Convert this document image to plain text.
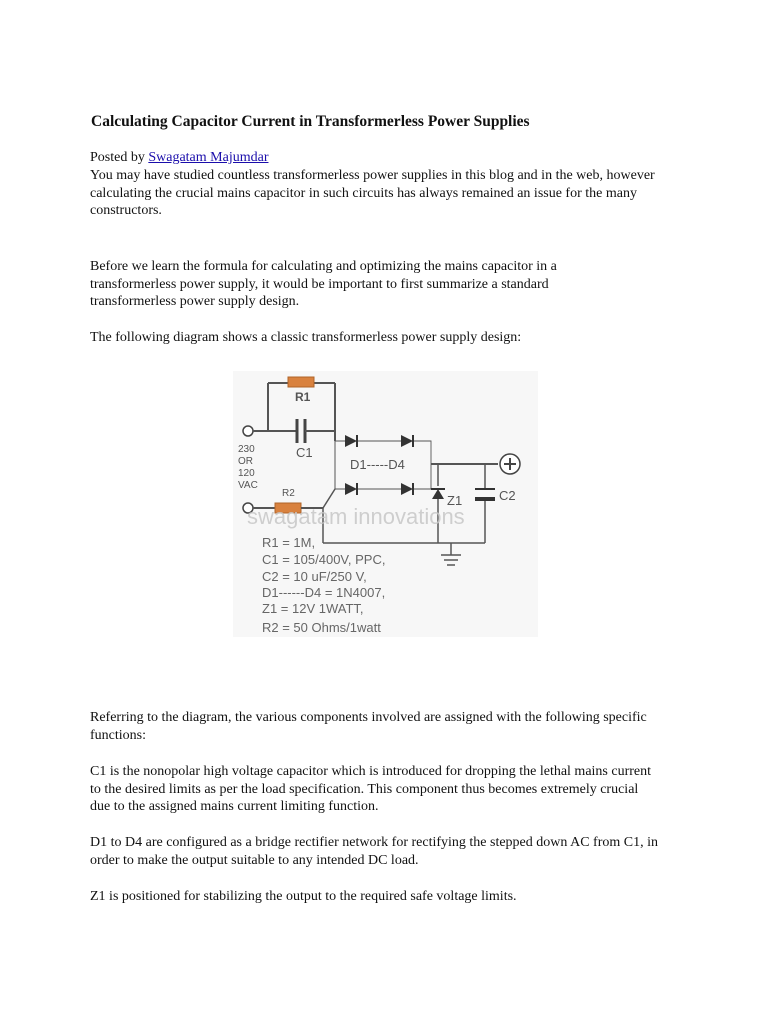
Calculating Capacitor Current in Transformerless Power Supplies

Posted by Swagatam Majumdar

You may have studied countless transformerless power supplies in this blog and in the web, however calculating the crucial mains capacitor in such circuits has always remained an issue for the many constructors.

Before we learn the formula for calculating and optimizing the mains capacitor in a transformerless power supply, it would be important to first summarize a standard transformerless power supply design.

The following diagram shows a classic transformerless power supply design:

R1
C1
230
OR
120
VAC
D1-----D4
Z1	C2
R2
swagatam innovations
R1 = 1M,
C1 = 105/400V, PPC,
C2 = 10 uF/250 V,
D1------D4 = 1N4007,
Z1 = 12V 1WATT,
R2 = 50 Ohms/1watt

Referring to the diagram, the various components involved are assigned with the following specific functions:

C1 is the nonopolar high voltage capacitor which is introduced for dropping the lethal mains current to the desired limits as per the load specification. This component thus becomes extremely crucial due to the assigned mains current limiting function.

D1 to D4 are configured as a bridge rectifier network for rectifying the stepped down AC from C1, in order to make the output suitable to any intended DC load.

Z1 is positioned for stabilizing the output to the required safe voltage limits.
